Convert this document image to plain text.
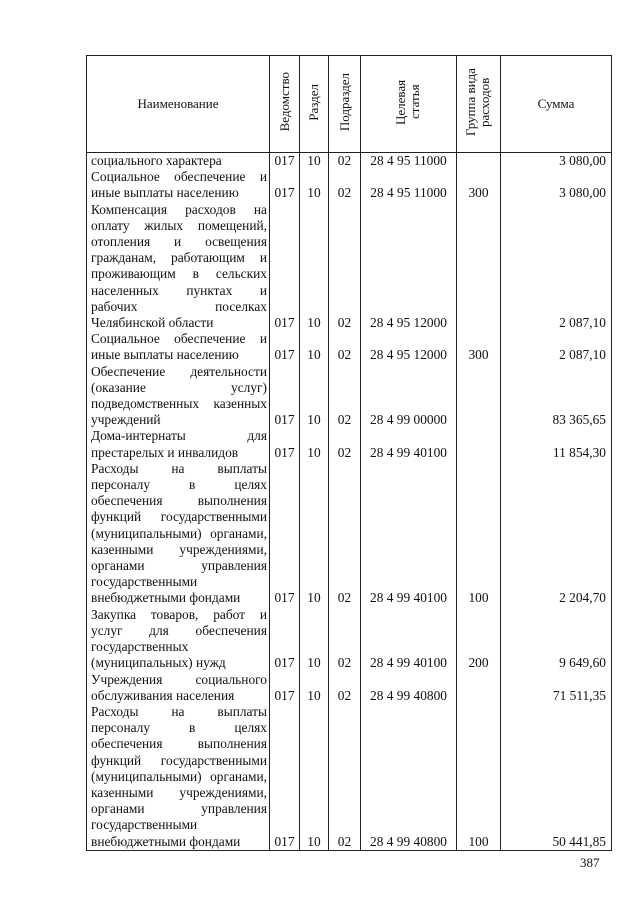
Наименование	Ведомство	Раздел	Подраздел	Целевая статья	Группа вида расходов	Сумма
социального характера	017	10	02	28 4 95 11000		3 080,00
Социальное обеспечение и иные выплаты населению	017	10	02	28 4 95 11000	300	3 080,00
Компенсация расходов на оплату жилых помещений, отопления и освещения гражданам, работающим и проживающим в сельских населенных пунктах и рабочих поселках Челябинской области	017	10	02	28 4 95 12000		2 087,10
Социальное обеспечение и иные выплаты населению	017	10	02	28 4 95 12000	300	2 087,10
Обеспечение деятельности (оказание услуг) подведомственных казенных учреждений	017	10	02	28 4 99 00000		83 365,65
Дома-интернаты для престарелых и инвалидов	017	10	02	28 4 99 40100		11 854,30
Расходы на выплаты персоналу в целях обеспечения выполнения функций государственными (муниципальными) органами, казенными учреждениями, органами управления государственными внебюджетными фондами	017	10	02	28 4 99 40100	100	2 204,70
Закупка товаров, работ и услуг для обеспечения государственных (муниципальных) нужд	017	10	02	28 4 99 40100	200	9 649,60
Учреждения социального обслуживания населения	017	10	02	28 4 99 40800		71 511,35
Расходы на выплаты персоналу в целях обеспечения выполнения функций государственными (муниципальными) органами, казенными учреждениями, органами управления государственными внебюджетными фондами	017	10	02	28 4 99 40800	100	50 441,85
387
